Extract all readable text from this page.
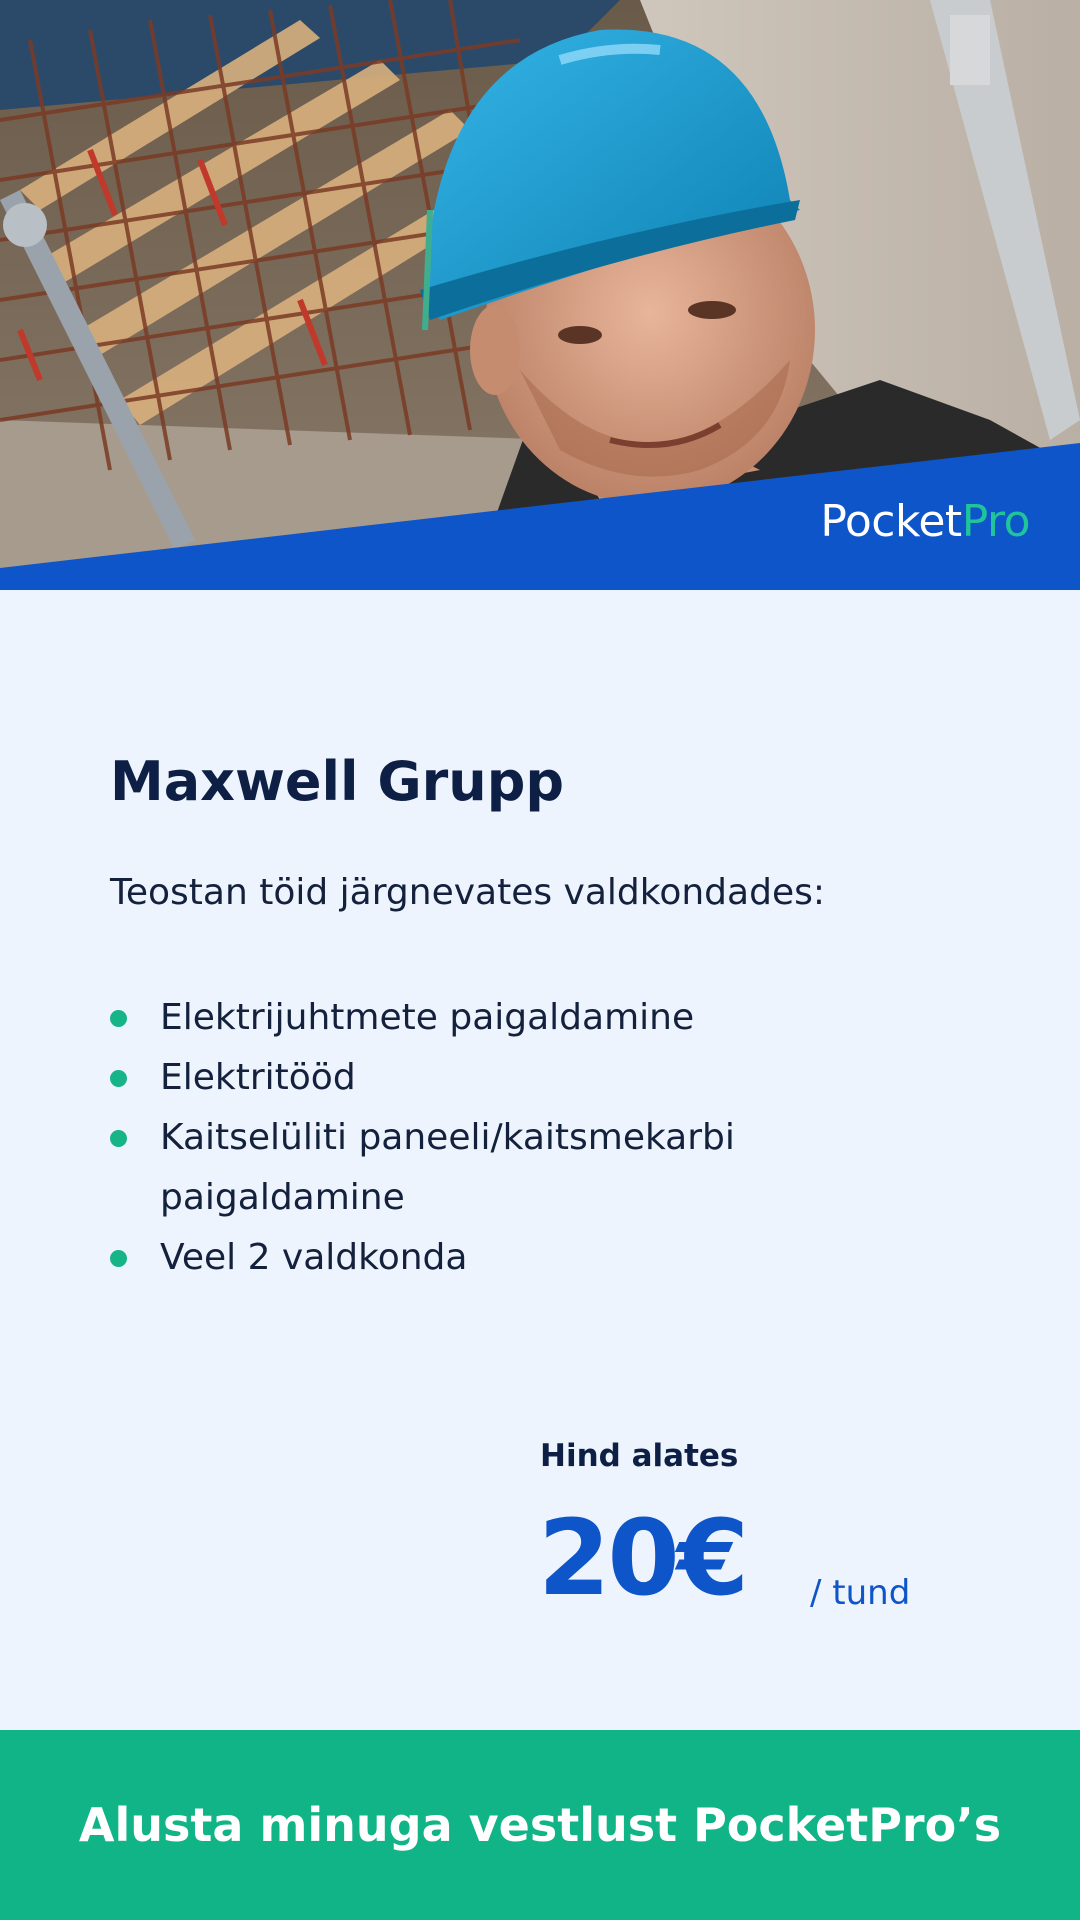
PocketPro
Maxwell Grupp

Teostan töid järgnevates valdkondades:

Elektrijuhtmete paigaldamine
Elektritööd
Kaitselüliti paneeli/kaitsmekarbi paigaldamine
Veel 2 valdkonda
Hind alates
20€ / tund
Alusta minuga vestlust PocketPro’s
